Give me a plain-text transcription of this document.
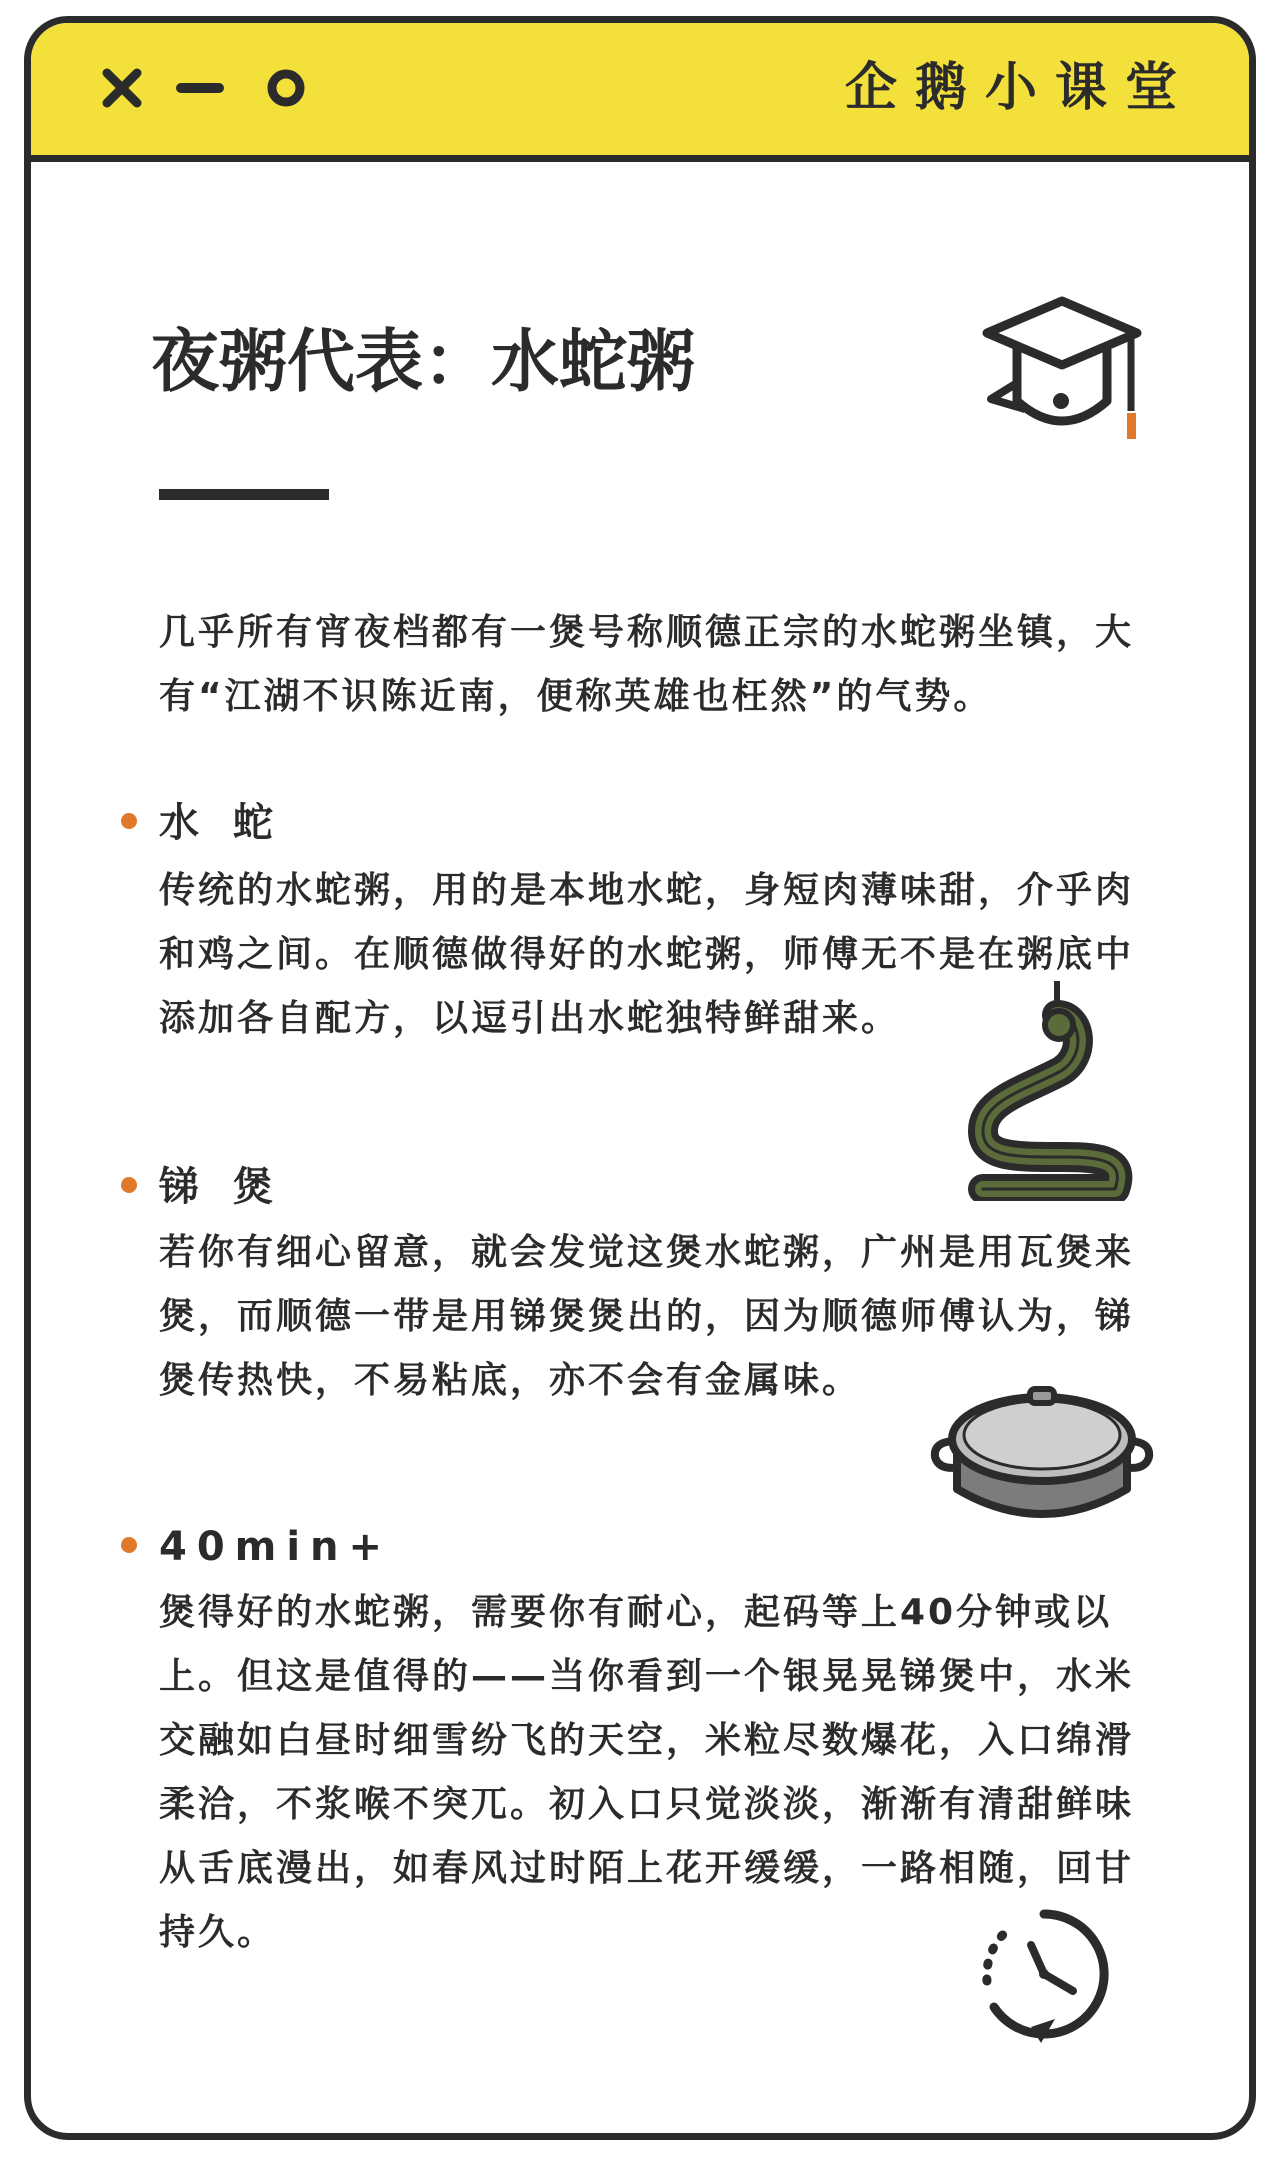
企鹅小课堂
夜粥代表：水蛇粥

几乎所有宵夜档都有一煲号称顺德正宗的水蛇粥坐镇，大有“江湖不识陈近南，便称英雄也枉然”的气势。

水 蛇

传统的水蛇粥，用的是本地水蛇，身短肉薄味甜，介乎肉和鸡之间。在顺德做得好的水蛇粥，师傅无不是在粥底中添加各自配方，以逗引出水蛇独特鲜甜来。

锑 煲

若你有细心留意，就会发觉这煲水蛇粥，广州是用瓦煲来煲，而顺德一带是用锑煲煲出的，因为顺德师傅认为，锑煲传热快，不易粘底，亦不会有金属味。

40min+

煲得好的水蛇粥，需要你有耐心，起码等上40分钟或以上。但这是值得的——当你看到一个银晃晃锑煲中，水米交融如白昼时细雪纷飞的天空，米粒尽数爆花，入口绵滑柔洽，不浆喉不突兀。初入口只觉淡淡，渐渐有清甜鲜味从舌底漫出，如春风过时陌上花开缓缓，一路相随，回甘持久。
